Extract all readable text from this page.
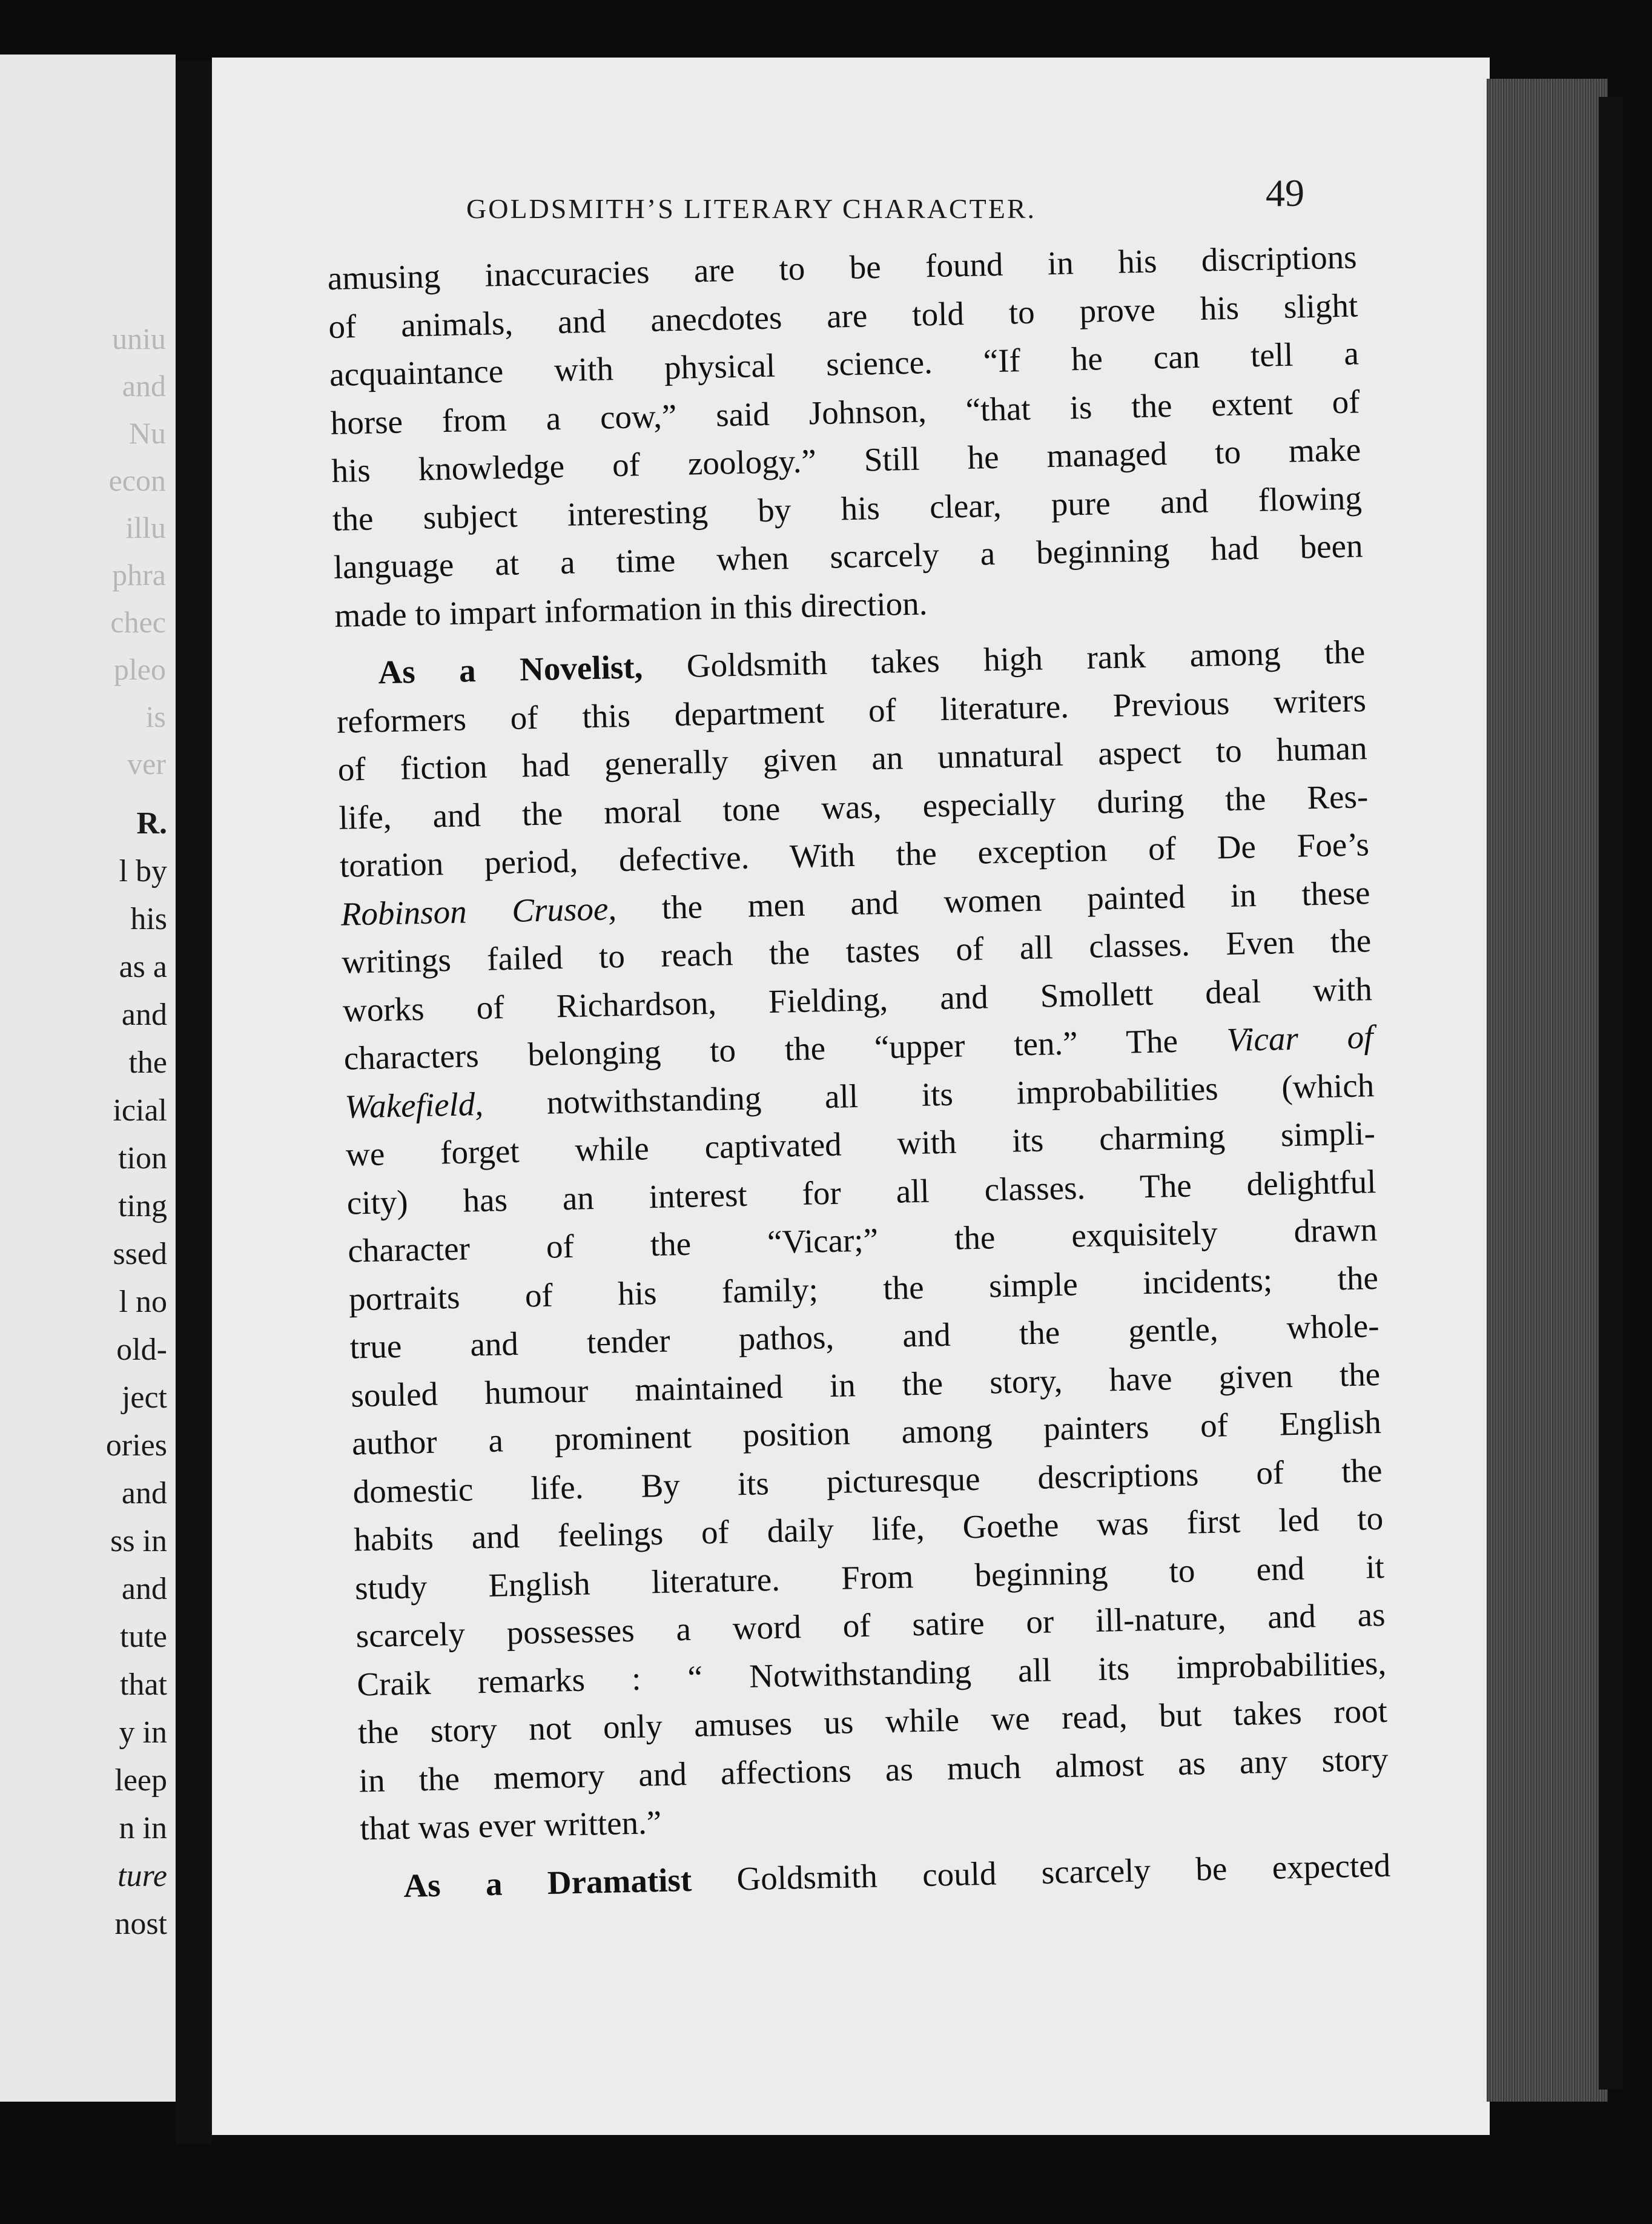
uniu
and
Nu
econ
illu
phra
chec
pleo
is
ver
R.
l by
his
as a
and
the
icial
tion
ting
ssed
l no
old-
ject
ories
and
ss in
and
tute
that
y in
leep
n in
ture
nost
GOLDSMITH’S LITERARY CHARACTER.	49
amusing inaccuracies are to be found in his discriptions
of animals, and anecdotes are told to prove his slight
acquaintance with physical science. “If he can tell a
horse from a cow,” said Johnson, “that is the extent of
his knowledge of zoology.” Still he managed to make
the subject interesting by his clear, pure and flowing
language at a time when scarcely a beginning had been
made to impart information in this direction.
As a Novelist, Goldsmith takes high rank among the
reformers of this department of literature. Previous writers
of fiction had generally given an unnatural aspect to human
life, and the moral tone was, especially during the Res-
toration period, defective. With the exception of De Foe’s
Robinson Crusoe, the men and women painted in these
writings failed to reach the tastes of all classes. Even the
works of Richardson, Fielding, and Smollett deal with
characters belonging to the “upper ten.” The Vicar of
Wakefield, notwithstanding all its improbabilities (which
we forget while captivated with its charming simpli-
city) has an interest for all classes. The delightful
character of the “Vicar;” the exquisitely drawn
portraits of his family; the simple incidents; the
true and tender pathos, and the gentle, whole-
souled humour maintained in the story, have given the
author a prominent position among painters of English
domestic life. By its picturesque descriptions of the
habits and feelings of daily life, Goethe was first led to
study English literature. From beginning to end it
scarcely possesses a word of satire or ill-nature, and as
Craik remarks : “ Notwithstanding all its improbabilities,
the story not only amuses us while we read, but takes root
in the memory and affections as much almost as any story
that was ever written.”
As a Dramatist Goldsmith could scarcely be expected
